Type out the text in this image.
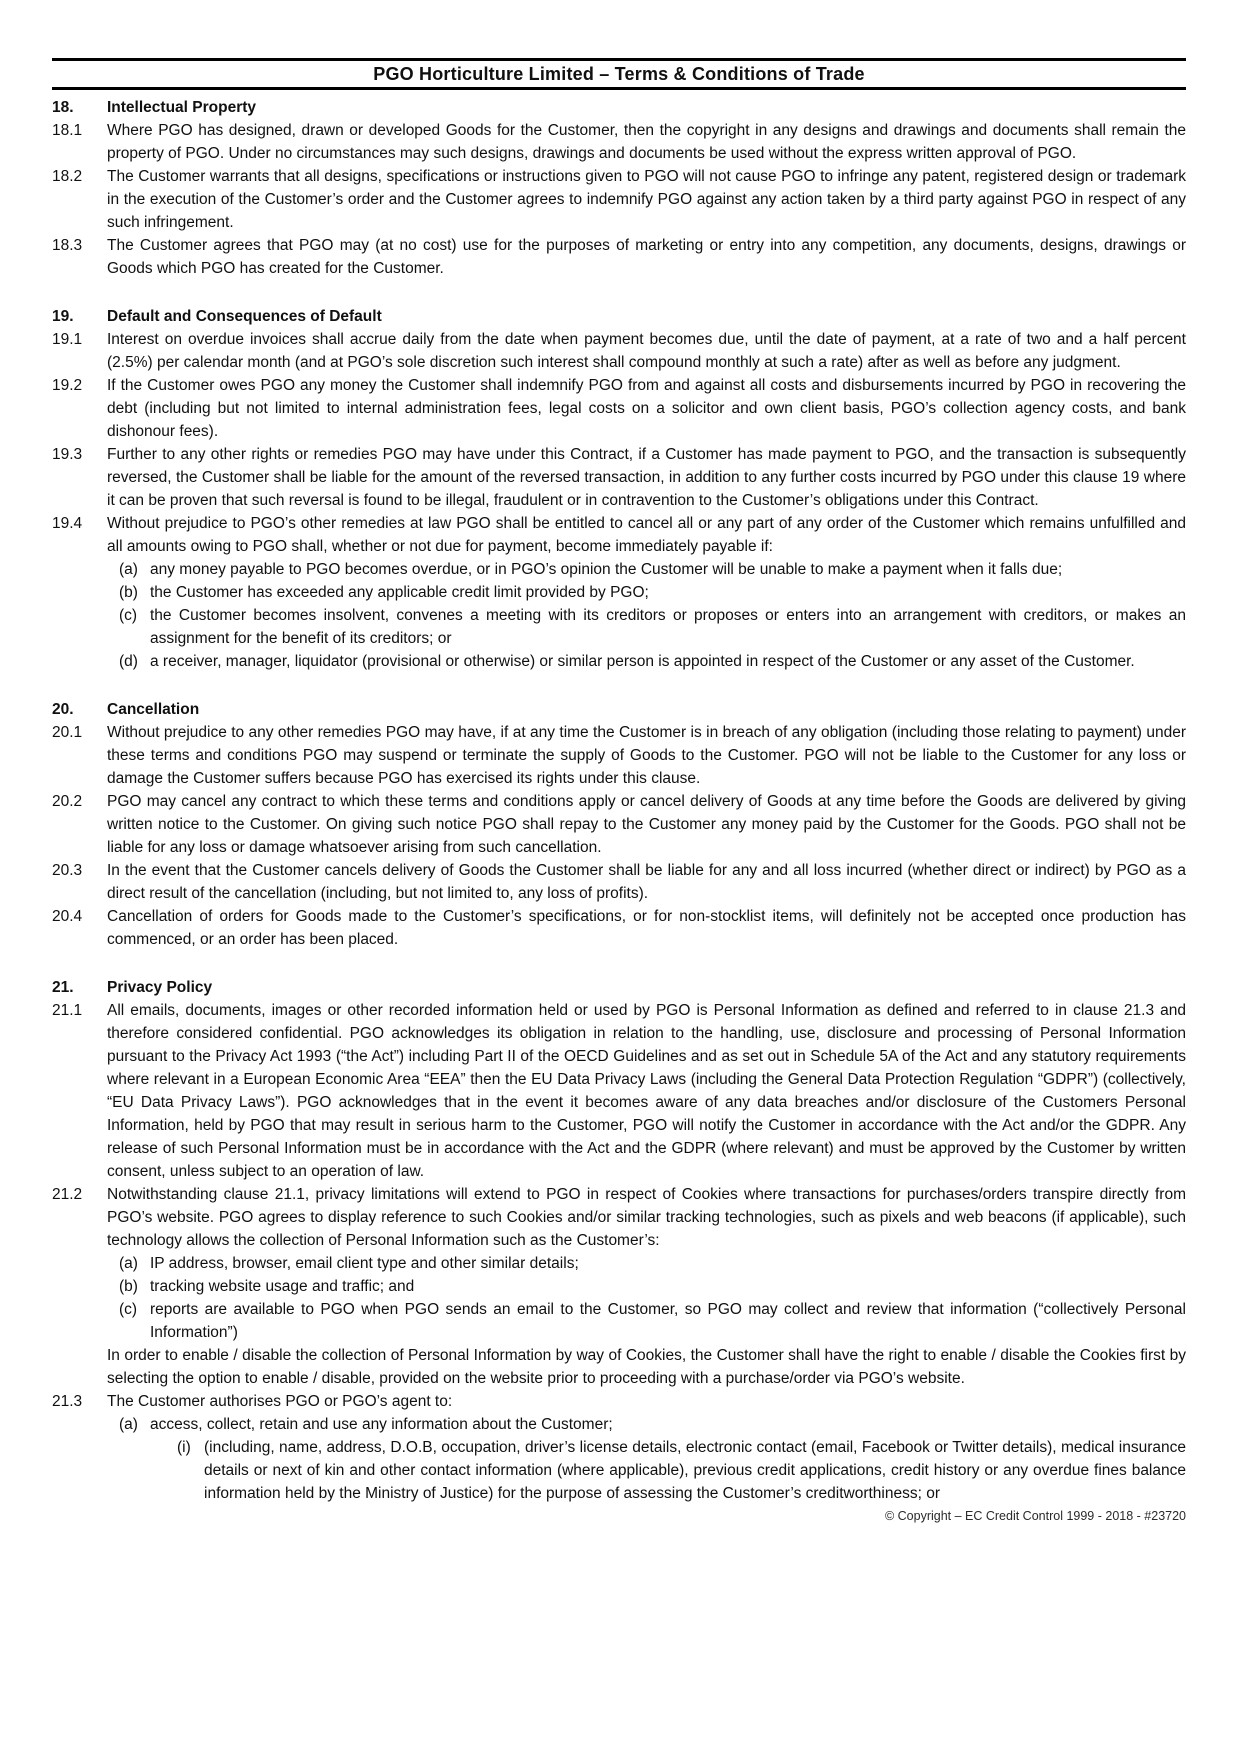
PGO Horticulture Limited – Terms & Conditions of Trade
18. Intellectual Property
18.1 Where PGO has designed, drawn or developed Goods for the Customer, then the copyright in any designs and drawings and documents shall remain the property of PGO. Under no circumstances may such designs, drawings and documents be used without the express written approval of PGO.
18.2 The Customer warrants that all designs, specifications or instructions given to PGO will not cause PGO to infringe any patent, registered design or trademark in the execution of the Customer’s order and the Customer agrees to indemnify PGO against any action taken by a third party against PGO in respect of any such infringement.
18.3 The Customer agrees that PGO may (at no cost) use for the purposes of marketing or entry into any competition, any documents, designs, drawings or Goods which PGO has created for the Customer.
19. Default and Consequences of Default
19.1 Interest on overdue invoices shall accrue daily from the date when payment becomes due, until the date of payment, at a rate of two and a half percent (2.5%) per calendar month (and at PGO’s sole discretion such interest shall compound monthly at such a rate) after as well as before any judgment.
19.2 If the Customer owes PGO any money the Customer shall indemnify PGO from and against all costs and disbursements incurred by PGO in recovering the debt (including but not limited to internal administration fees, legal costs on a solicitor and own client basis, PGO’s collection agency costs, and bank dishonour fees).
19.3 Further to any other rights or remedies PGO may have under this Contract, if a Customer has made payment to PGO, and the transaction is subsequently reversed, the Customer shall be liable for the amount of the reversed transaction, in addition to any further costs incurred by PGO under this clause 19 where it can be proven that such reversal is found to be illegal, fraudulent or in contravention to the Customer’s obligations under this Contract.
19.4 Without prejudice to PGO’s other remedies at law PGO shall be entitled to cancel all or any part of any order of the Customer which remains unfulfilled and all amounts owing to PGO shall, whether or not due for payment, become immediately payable if:
(a) any money payable to PGO becomes overdue, or in PGO’s opinion the Customer will be unable to make a payment when it falls due;
(b) the Customer has exceeded any applicable credit limit provided by PGO;
(c) the Customer becomes insolvent, convenes a meeting with its creditors or proposes or enters into an arrangement with creditors, or makes an assignment for the benefit of its creditors; or
(d) a receiver, manager, liquidator (provisional or otherwise) or similar person is appointed in respect of the Customer or any asset of the Customer.
20. Cancellation
20.1 Without prejudice to any other remedies PGO may have, if at any time the Customer is in breach of any obligation (including those relating to payment) under these terms and conditions PGO may suspend or terminate the supply of Goods to the Customer. PGO will not be liable to the Customer for any loss or damage the Customer suffers because PGO has exercised its rights under this clause.
20.2 PGO may cancel any contract to which these terms and conditions apply or cancel delivery of Goods at any time before the Goods are delivered by giving written notice to the Customer. On giving such notice PGO shall repay to the Customer any money paid by the Customer for the Goods. PGO shall not be liable for any loss or damage whatsoever arising from such cancellation.
20.3 In the event that the Customer cancels delivery of Goods the Customer shall be liable for any and all loss incurred (whether direct or indirect) by PGO as a direct result of the cancellation (including, but not limited to, any loss of profits).
20.4 Cancellation of orders for Goods made to the Customer’s specifications, or for non-stocklist items, will definitely not be accepted once production has commenced, or an order has been placed.
21. Privacy Policy
21.1 All emails, documents, images or other recorded information held or used by PGO is Personal Information as defined and referred to in clause 21.3 and therefore considered confidential. PGO acknowledges its obligation in relation to the handling, use, disclosure and processing of Personal Information pursuant to the Privacy Act 1993 (“the Act”) including Part II of the OECD Guidelines and as set out in Schedule 5A of the Act and any statutory requirements where relevant in a European Economic Area “EEA” then the EU Data Privacy Laws (including the General Data Protection Regulation “GDPR”) (collectively, “EU Data Privacy Laws”). PGO acknowledges that in the event it becomes aware of any data breaches and/or disclosure of the Customers Personal Information, held by PGO that may result in serious harm to the Customer, PGO will notify the Customer in accordance with the Act and/or the GDPR. Any release of such Personal Information must be in accordance with the Act and the GDPR (where relevant) and must be approved by the Customer by written consent, unless subject to an operation of law.
21.2 Notwithstanding clause 21.1, privacy limitations will extend to PGO in respect of Cookies where transactions for purchases/orders transpire directly from PGO’s website. PGO agrees to display reference to such Cookies and/or similar tracking technologies, such as pixels and web beacons (if applicable), such technology allows the collection of Personal Information such as the Customer’s:
(a) IP address, browser, email client type and other similar details;
(b) tracking website usage and traffic; and
(c) reports are available to PGO when PGO sends an email to the Customer, so PGO may collect and review that information (“collectively Personal Information”)
In order to enable / disable the collection of Personal Information by way of Cookies, the Customer shall have the right to enable / disable the Cookies first by selecting the option to enable / disable, provided on the website prior to proceeding with a purchase/order via PGO’s website.
21.3 The Customer authorises PGO or PGO’s agent to:
(a) access, collect, retain and use any information about the Customer;
(i) (including, name, address, D.O.B, occupation, driver’s license details, electronic contact (email, Facebook or Twitter details), medical insurance details or next of kin and other contact information (where applicable), previous credit applications, credit history or any overdue fines balance information held by the Ministry of Justice) for the purpose of assessing the Customer’s creditworthiness; or
© Copyright – EC Credit Control 1999 - 2018 - #23720
